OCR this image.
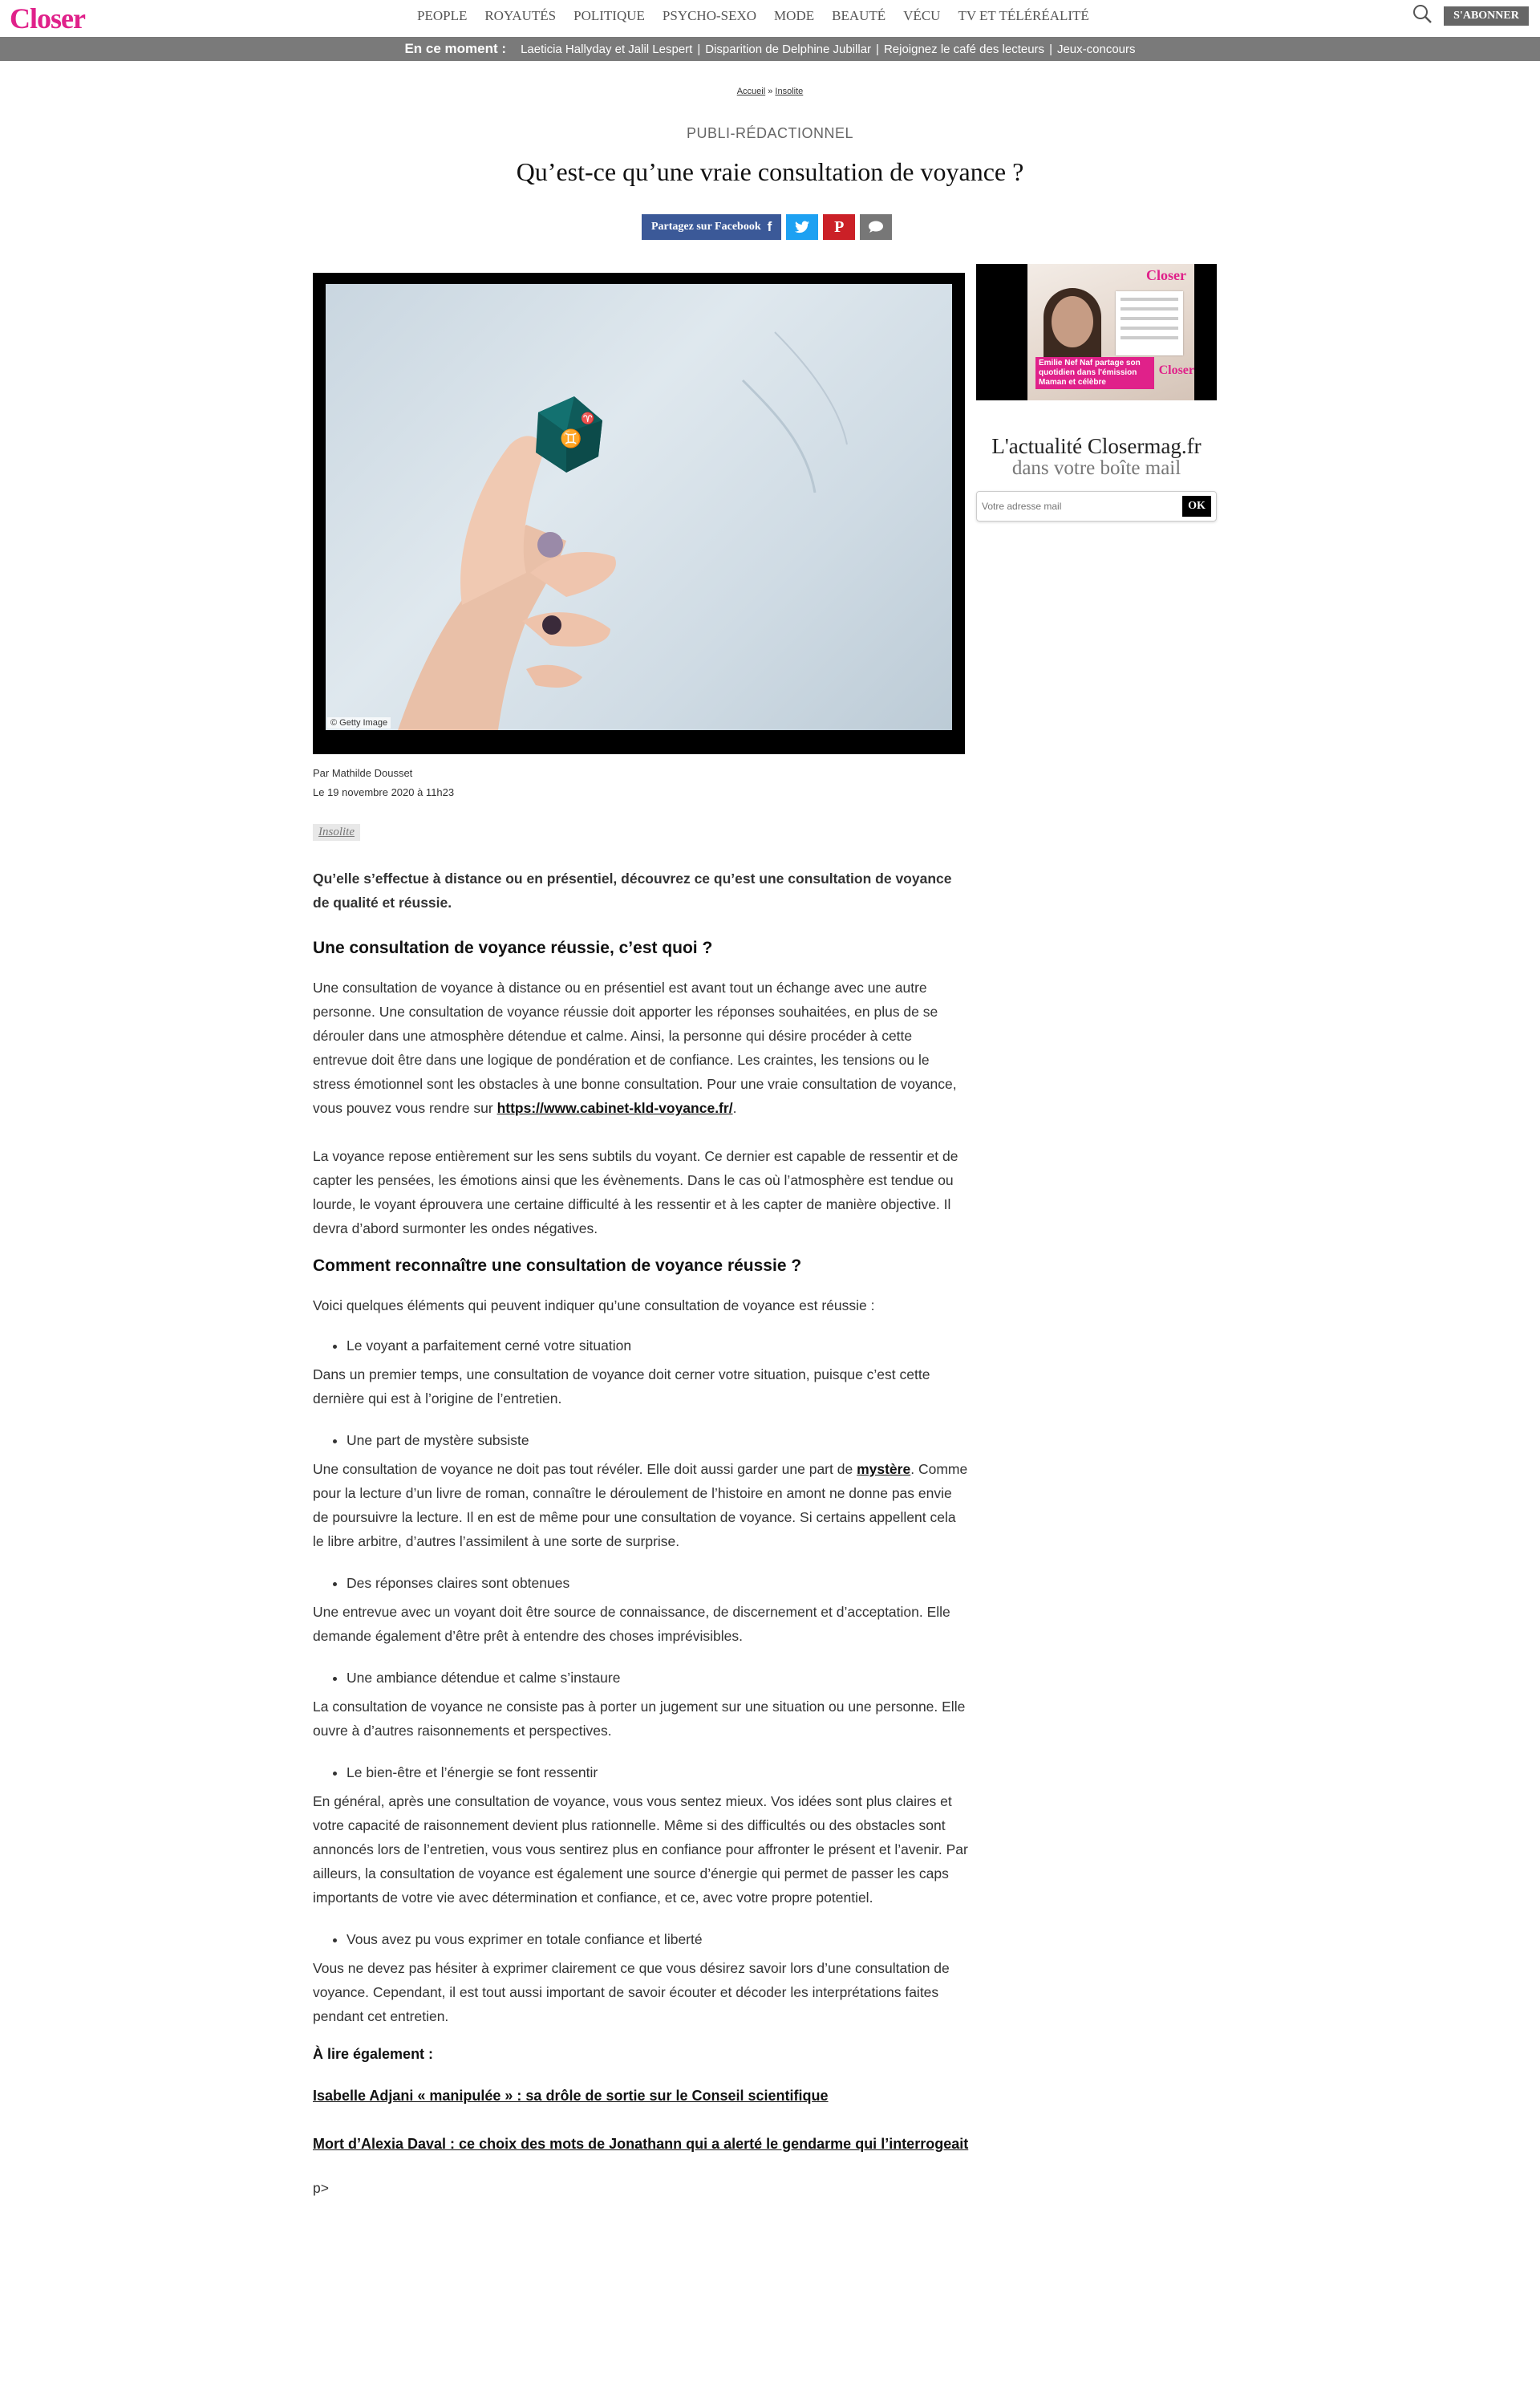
Closer	PEOPLE ROYAUTÉS POLITIQUE PSYCHO-SEXO MODE BEAUTÉ VÉCU TV ET TÉLÉRÉALITÉ	S'ABONNER
En ce moment : Laeticia Hallyday et Jalil Lespert | Disparition de Delphine Jubillar | Rejoignez le café des lecteurs | Jeux-concours
Accueil » Insolite
PUBLI-RÉDACTIONNEL
Qu’est-ce qu’une vraie consultation de voyance ?
Partagez sur Facebook f	P
♊
♈
© Getty Image
Par Mathilde Dousset
Le 19 novembre 2020 à 11h23
Insolite

Qu’elle s’effectue à distance ou en présentiel, découvrez ce qu’est une consultation de voyance de qualité et réussie.

Une consultation de voyance réussie, c’est quoi ?

Une consultation de voyance à distance ou en présentiel est avant tout un échange avec une autre personne. Une consultation de voyance réussie doit apporter les réponses souhaitées, en plus de se dérouler dans une atmosphère détendue et calme. Ainsi, la personne qui désire procéder à cette entrevue doit être dans une logique de pondération et de confiance. Les craintes, les tensions ou le stress émotionnel sont les obstacles à une bonne consultation. Pour une vraie consultation de voyance, vous pouvez vous rendre sur https://www.cabinet-kld-voyance.fr/.

La voyance repose entièrement sur les sens subtils du voyant. Ce dernier est capable de ressentir et de capter les pensées, les émotions ainsi que les évènements. Dans le cas où l’atmosphère est tendue ou lourde, le voyant éprouvera une certaine difficulté à les ressentir et à les capter de manière objective. Il devra d’abord surmonter les ondes négatives.

Comment reconnaître une consultation de voyance réussie ?

Voici quelques éléments qui peuvent indiquer qu’une consultation de voyance est réussie :

• Le voyant a parfaitement cerné votre situation

Dans un premier temps, une consultation de voyance doit cerner votre situation, puisque c’est cette dernière qui est à l’origine de l’entretien.

• Une part de mystère subsiste

Une consultation de voyance ne doit pas tout révéler. Elle doit aussi garder une part de mystère. Comme pour la lecture d’un livre de roman, connaître le déroulement de l’histoire en amont ne donne pas envie de poursuivre la lecture. Il en est de même pour une consultation de voyance. Si certains appellent cela le libre arbitre, d’autres l’assimilent à une sorte de surprise.

• Des réponses claires sont obtenues

Une entrevue avec un voyant doit être source de connaissance, de discernement et d’acceptation. Elle demande également d’être prêt à entendre des choses imprévisibles.

• Une ambiance détendue et calme s’instaure

La consultation de voyance ne consiste pas à porter un jugement sur une situation ou une personne. Elle ouvre à d’autres raisonnements et perspectives.

• Le bien-être et l’énergie se font ressentir

En général, après une consultation de voyance, vous vous sentez mieux. Vos idées sont plus claires et votre capacité de raisonnement devient plus rationnelle. Même si des difficultés ou des obstacles sont annoncés lors de l’entretien, vous vous sentirez plus en confiance pour affronter le présent et l’avenir. Par ailleurs, la consultation de voyance est également une source d’énergie qui permet de passer les caps importants de votre vie avec détermination et confiance, et ce, avec votre propre potentiel.

• Vous avez pu vous exprimer en totale confiance et liberté

Vous ne devez pas hésiter à exprimer clairement ce que vous désirez savoir lors d’une consultation de voyance. Cependant, il est tout aussi important de savoir écouter et décoder les interprétations faites pendant cet entretien.

À lire également :
Isabelle Adjani « manipulée » : sa drôle de sortie sur le Conseil scientifique
Mort d’Alexia Daval : ce choix des mots de Jonathann qui a alerté le gendarme qui l’interrogeait
p>
Closer
Closer
Emilie Nef Naf partage son quotidien dans l'émission Maman et célèbre
L'actualité Closermag.fr
dans votre boîte mail
Votre adresse mail
OK
